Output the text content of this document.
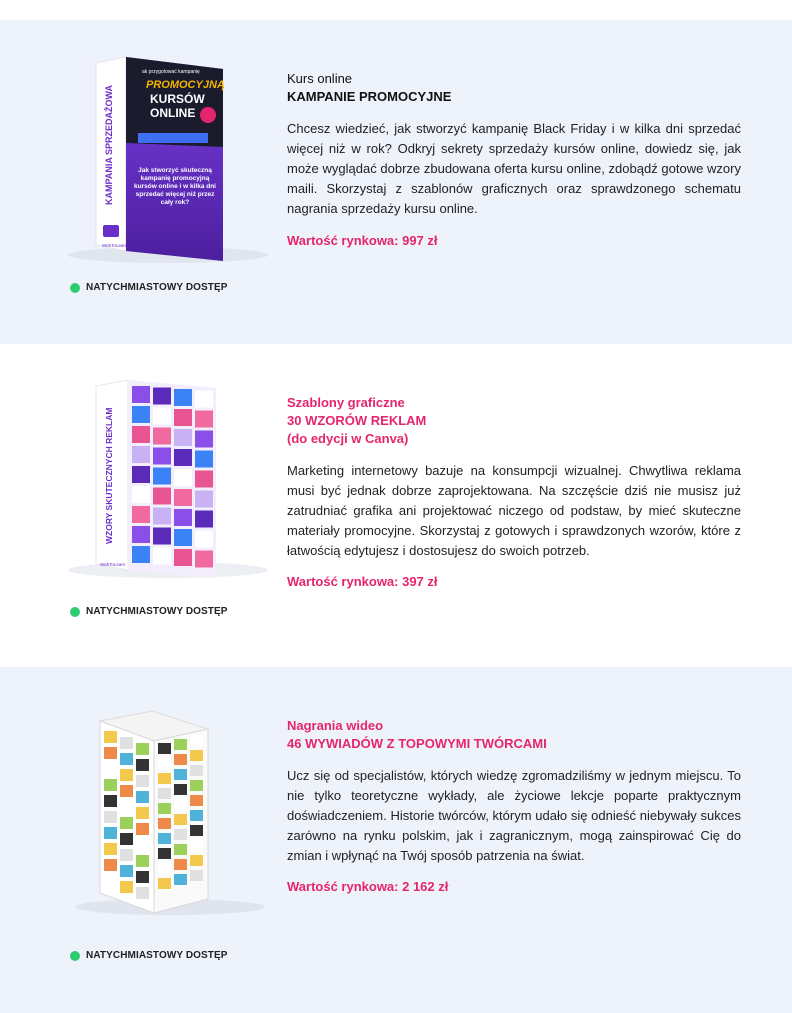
KAMPANIA SPRZEDAŻOWA
ak przygotować kampanię
PROMOCYJNĄ
KURSÓW
ONLINE
Jak stworzyć skuteczną kampanię promocyjną kursów online i w kilka dni sprzedać więcej niż przez cały rok?
WebToLearn
NATYCHMIASTOWY DOSTĘP
Kurs online
KAMPANIE PROMOCYJNE
Chcesz wiedzieć, jak stworzyć kampanię Black Friday i w kilka dni sprzedać więcej niż w rok? Odkryj sekrety sprzedaży kursów online, dowiedz się, jak może wyglądać dobrze zbudowana oferta kursu online, zdobądź gotowe wzory maili. Skorzystaj z szablonów graficznych oraz sprawdzonego schematu nagrania sprzedaży kursu online.
Wartość rynkowa: 997 zł
WZORY SKUTECZNYCH REKLAM
WebToLearn
NATYCHMIASTOWY DOSTĘP
Szablony graficzne
30 WZORÓW REKLAM
(do edycji w Canva)
Marketing internetowy bazuje na konsumpcji wizualnej. Chwytliwa reklama musi być jednak dobrze zaprojektowana. Na szczęście dziś nie musisz już zatrudniać grafika ani projektować niczego od podstaw, by mieć skuteczne materiały promocyjne. Skorzystaj z gotowych i sprawdzonych wzorów, które z łatwością edytujesz i dostosujesz do swoich potrzeb.
Wartość rynkowa: 397 zł
NATYCHMIASTOWY DOSTĘP
Nagrania wideo
46 WYWIADÓW Z TOPOWYMI TWÓRCAMI
Ucz się od specjalistów, których wiedzę zgromadziliśmy w jednym miejscu. To nie tylko teoretyczne wykłady, ale życiowe lekcje poparte praktycznym doświadczeniem. Historie twórców, którym udało się odnieść niebywały sukces zarówno na rynku polskim, jak i zagranicznym, mogą zainspirować Cię do zmian i wpłynąć na Twój sposób patrzenia na świat.
Wartość rynkowa: 2 162 zł
